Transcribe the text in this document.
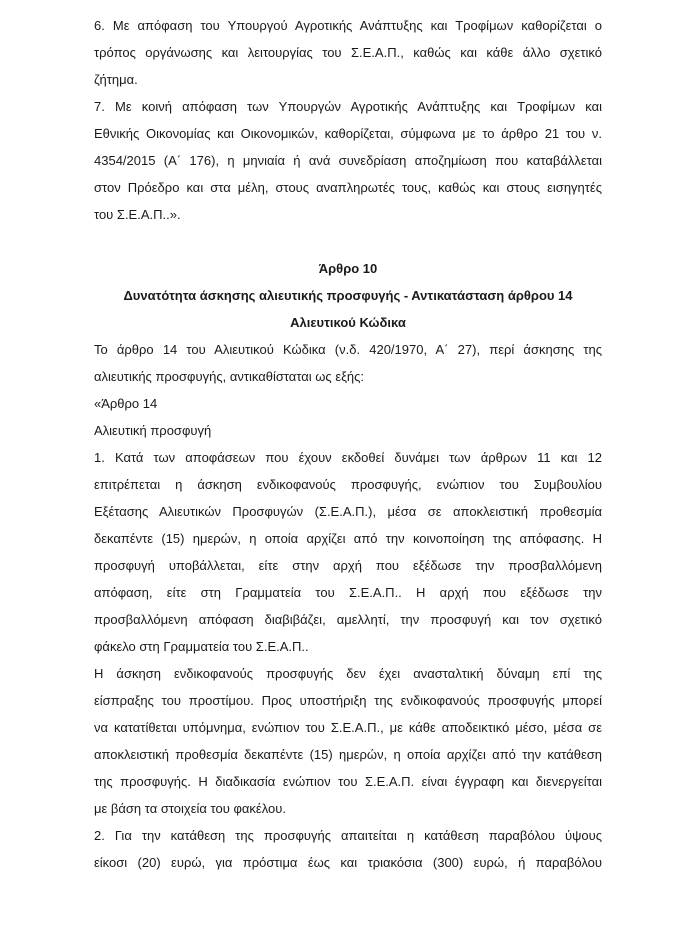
6. Με απόφαση του Υπουργού Αγροτικής Ανάπτυξης και Τροφίμων καθορίζεται ο
τρόπος οργάνωσης και λειτουργίας του Σ.Ε.Α.Π., καθώς και κάθε άλλο σχετικό
ζήτημα.
7. Με κοινή απόφαση των Υπουργών Αγροτικής Ανάπτυξης και Τροφίμων και
Εθνικής Οικονομίας και Οικονομικών, καθορίζεται, σύμφωνα με το άρθρο 21 του ν.
4354/2015 (Α΄ 176), η μηνιαία ή ανά συνεδρίαση αποζημίωση που καταβάλλεται
στον Πρόεδρο και στα μέλη, στους αναπληρωτές τους, καθώς και στους εισηγητές
του Σ.Ε.Α.Π..».
Άρθρο 10
Δυνατότητα άσκησης αλιευτικής προσφυγής - Αντικατάσταση άρθρου 14
Αλιευτικού Κώδικα
Το άρθρο 14 του Αλιευτικού Κώδικα (ν.δ. 420/1970, Α΄ 27), περί άσκησης της
αλιευτικής προσφυγής, αντικαθίσταται ως εξής:
«Άρθρο 14
Αλιευτική προσφυγή
1. Κατά των αποφάσεων που έχουν εκδοθεί δυνάμει των άρθρων 11 και 12
επιτρέπεται η άσκηση ενδικοφανούς προσφυγής, ενώπιον του Συμβουλίου
Εξέτασης Αλιευτικών Προσφυγών (Σ.Ε.Α.Π.), μέσα σε αποκλειστική προθεσμία
δεκαπέντε (15) ημερών, η οποία αρχίζει από την κοινοποίηση της απόφασης. Η
προσφυγή υποβάλλεται, είτε στην αρχή που εξέδωσε την προσβαλλόμενη
απόφαση, είτε στη Γραμματεία του Σ.Ε.Α.Π.. Η αρχή που εξέδωσε την
προσβαλλόμενη απόφαση διαβιβάζει, αμελλητί, την προσφυγή και τον σχετικό
φάκελο στη Γραμματεία του Σ.Ε.Α.Π..
Η άσκηση ενδικοφανούς προσφυγής δεν έχει ανασταλτική δύναμη επί της
είσπραξης του προστίμου. Προς υποστήριξη της ενδικοφανούς προσφυγής μπορεί
να κατατίθεται υπόμνημα, ενώπιον του Σ.Ε.Α.Π., με κάθε αποδεικτικό μέσο, μέσα σε
αποκλειστική προθεσμία δεκαπέντε (15) ημερών, η οποία αρχίζει από την κατάθεση
της προσφυγής. Η διαδικασία ενώπιον του Σ.Ε.Α.Π. είναι έγγραφη και διενεργείται
με βάση τα στοιχεία του φακέλου.
2. Για την κατάθεση της προσφυγής απαιτείται η κατάθεση παραβόλου ύψους
είκοσι (20) ευρώ, για πρόστιμα έως και τριακόσια (300) ευρώ, ή παραβόλου
